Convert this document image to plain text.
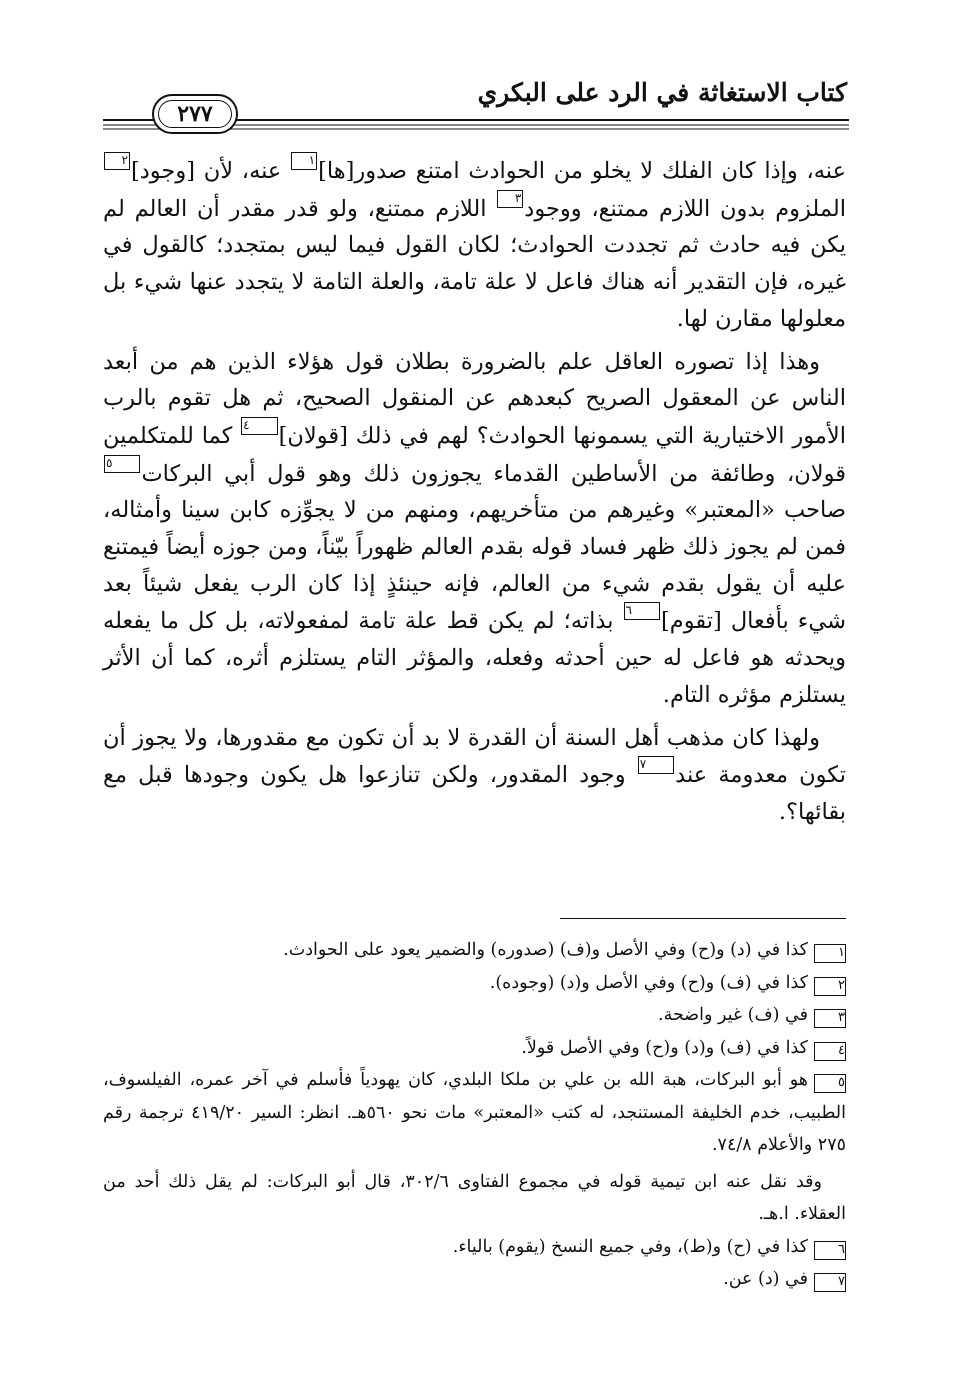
كتاب الاستغاثة في الرد على البكري
٢٧٧

عنه، وإذا كان الفلك لا يخلو من الحوادث امتنع صدور[ها]١ عنه، لأن [وجود]٢ الملزوم بدون اللازم ممتنع، ووجود٣ اللازم ممتنع، ولو قدر مقدر أن العالم لم يكن فيه حادث ثم تجددت الحوادث؛ لكان القول فيما ليس بمتجدد؛ كالقول في غيره، فإن التقدير أنه هناك فاعل لا علة تامة، والعلة التامة لا يتجدد عنها شيء بل معلولها مقارن لها.

وهذا إذا تصوره العاقل علم بالضرورة بطلان قول هؤلاء الذين هم من أبعد الناس عن المعقول الصريح كبعدهم عن المنقول الصحيح، ثم هل تقوم بالرب الأمور الاختيارية التي يسمونها الحوادث؟ لهم في ذلك [قولان]٤ كما للمتكلمين قولان، وطائفة من الأساطين القدماء يجوزون ذلك وهو قول أبي البركات٥ صاحب «المعتبر» وغيرهم من متأخريهم، ومنهم من لا يجوِّزه كابن سينا وأمثاله، فمن لم يجوز ذلك ظهر فساد قوله بقدم العالم ظهوراً بيّناً، ومن جوزه أيضاً فيمتنع عليه أن يقول بقدم شيء من العالم، فإنه حينئذٍ إذا كان الرب يفعل شيئاً بعد شيء بأفعال [تقوم]٦ بذاته؛ لم يكن قط علة تامة لمفعولاته، بل كل ما يفعله ويحدثه هو فاعل له حين أحدثه وفعله، والمؤثر التام يستلزم أثره، كما أن الأثر يستلزم مؤثره التام.

ولهذا كان مذهب أهل السنة أن القدرة لا بد أن تكون مع مقدورها، ولا يجوز أن تكون معدومة عند٧ وجود المقدور، ولكن تنازعوا هل يكون وجودها قبل مع بقائها؟.

١كذا في (د) و(ح) وفي الأصل و(ف) (صدوره) والضمير يعود على الحوادث.

٢كذا في (ف) و(ح) وفي الأصل و(د) (وجوده).

٣في (ف) غير واضحة.

٤كذا في (ف) و(د) و(ح) وفي الأصل قولاً.

٥هو أبو البركات، هبة الله بن علي بن ملكا البلدي، كان يهودياً فأسلم في آخر عمره، الفيلسوف، الطبيب، خدم الخليفة المستنجد، له كتب «المعتبر» مات نحو ٥٦٠هـ. انظر: السير ٤١٩/٢٠ ترجمة رقم ٢٧٥ والأعلام ٧٤/٨.

وقد نقل عنه ابن تيمية قوله في مجموع الفتاوى ٣٠٢/٦، قال أبو البركات: لم يقل ذلك أحد من العقلاء. ا.هـ.

٦كذا في (ح) و(ط)، وفي جميع النسخ (يقوم) بالياء.

٧في (د) عن.
